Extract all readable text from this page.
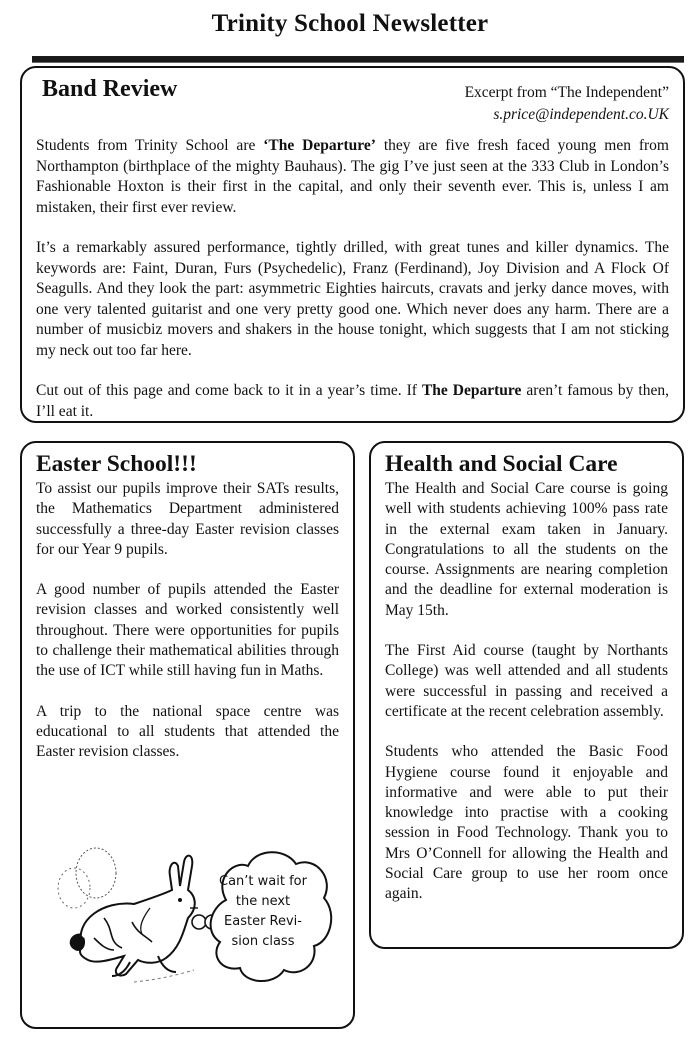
Trinity School Newsletter
Band Review	Excerpt from “The Independent”
s.price@independent.co.UK

Students from Trinity School are ‘The Departure’ they are five fresh faced young men from Northampton (birthplace of the mighty Bauhaus). The gig I’ve just seen at the 333 Club in London’s Fashionable Hoxton is their first in the capital, and only their seventh ever. This is, unless I am mistaken, their first ever review.

It’s a remarkably assured performance, tightly drilled, with great tunes and killer dynamics. The keywords are: Faint, Duran, Furs (Psychedelic), Franz (Ferdinand), Joy Division and A Flock Of Seagulls. And they look the part: asymmetric Eighties haircuts, cravats and jerky dance moves, with one very talented guitarist and one very pretty good one. Which never does any harm. There are a number of musicbiz movers and shakers in the house tonight, which suggests that I am not sticking my neck out too far here.

Cut out of this page and come back to it in a year’s time. If The Departure aren’t famous by then, I’ll eat it.

Easter School!!!

To assist our pupils improve their SATs results, the Mathematics Department administered successfully a three-day Easter revision classes for our Year 9 pupils.

A good number of pupils attended the Easter revision classes and worked consistently well throughout. There were opportunities for pupils to challenge their mathematical abilities through the use of ICT while still having fun in Maths.

A trip to the national space centre was educational to all students that attended the Easter revision classes.

Can’t wait for
the next
Easter Revi-
sion class
Health and Social Care

The Health and Social Care course is going well with students achieving 100% pass rate in the external exam taken in January. Congratulations to all the students on the course. Assignments are nearing completion and the deadline for external moderation is May 15th.

The First Aid course (taught by Northants College) was well attended and all students were successful in passing and received a certificate at the recent celebration assembly.

Students who attended the Basic Food Hygiene course found it enjoyable and informative and were able to put their knowledge into practise with a cooking session in Food Technology. Thank you to Mrs O’Connell for allowing the Health and Social Care group to use her room once again.
